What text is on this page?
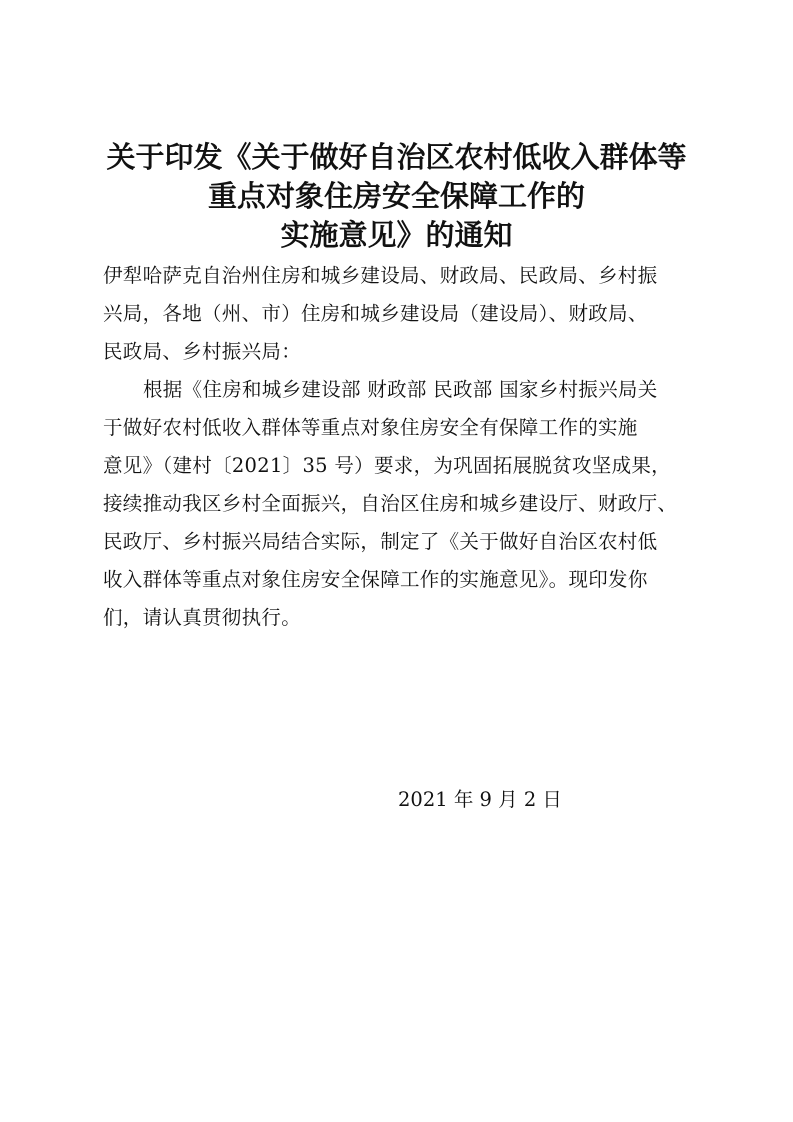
关于印发《关于做好自治区农村低收入群体等
重点对象住房安全保障工作的
实施意见》的通知
伊犁哈萨克自治州住房和城乡建设局、财政局、民政局、乡村振
兴局，各地（州、市）住房和城乡建设局（建设局）、财政局、
民政局、乡村振兴局：
根据《住房和城乡建设部 财政部 民政部 国家乡村振兴局关
于做好农村低收入群体等重点对象住房安全有保障工作的实施
意见》（建村〔2021〕35 号）要求，为巩固拓展脱贫攻坚成果，
接续推动我区乡村全面振兴，自治区住房和城乡建设厅、财政厅、
民政厅、乡村振兴局结合实际，制定了《关于做好自治区农村低
收入群体等重点对象住房安全保障工作的实施意见》。现印发你
们，请认真贯彻执行。
2021 年 9 月 2 日
